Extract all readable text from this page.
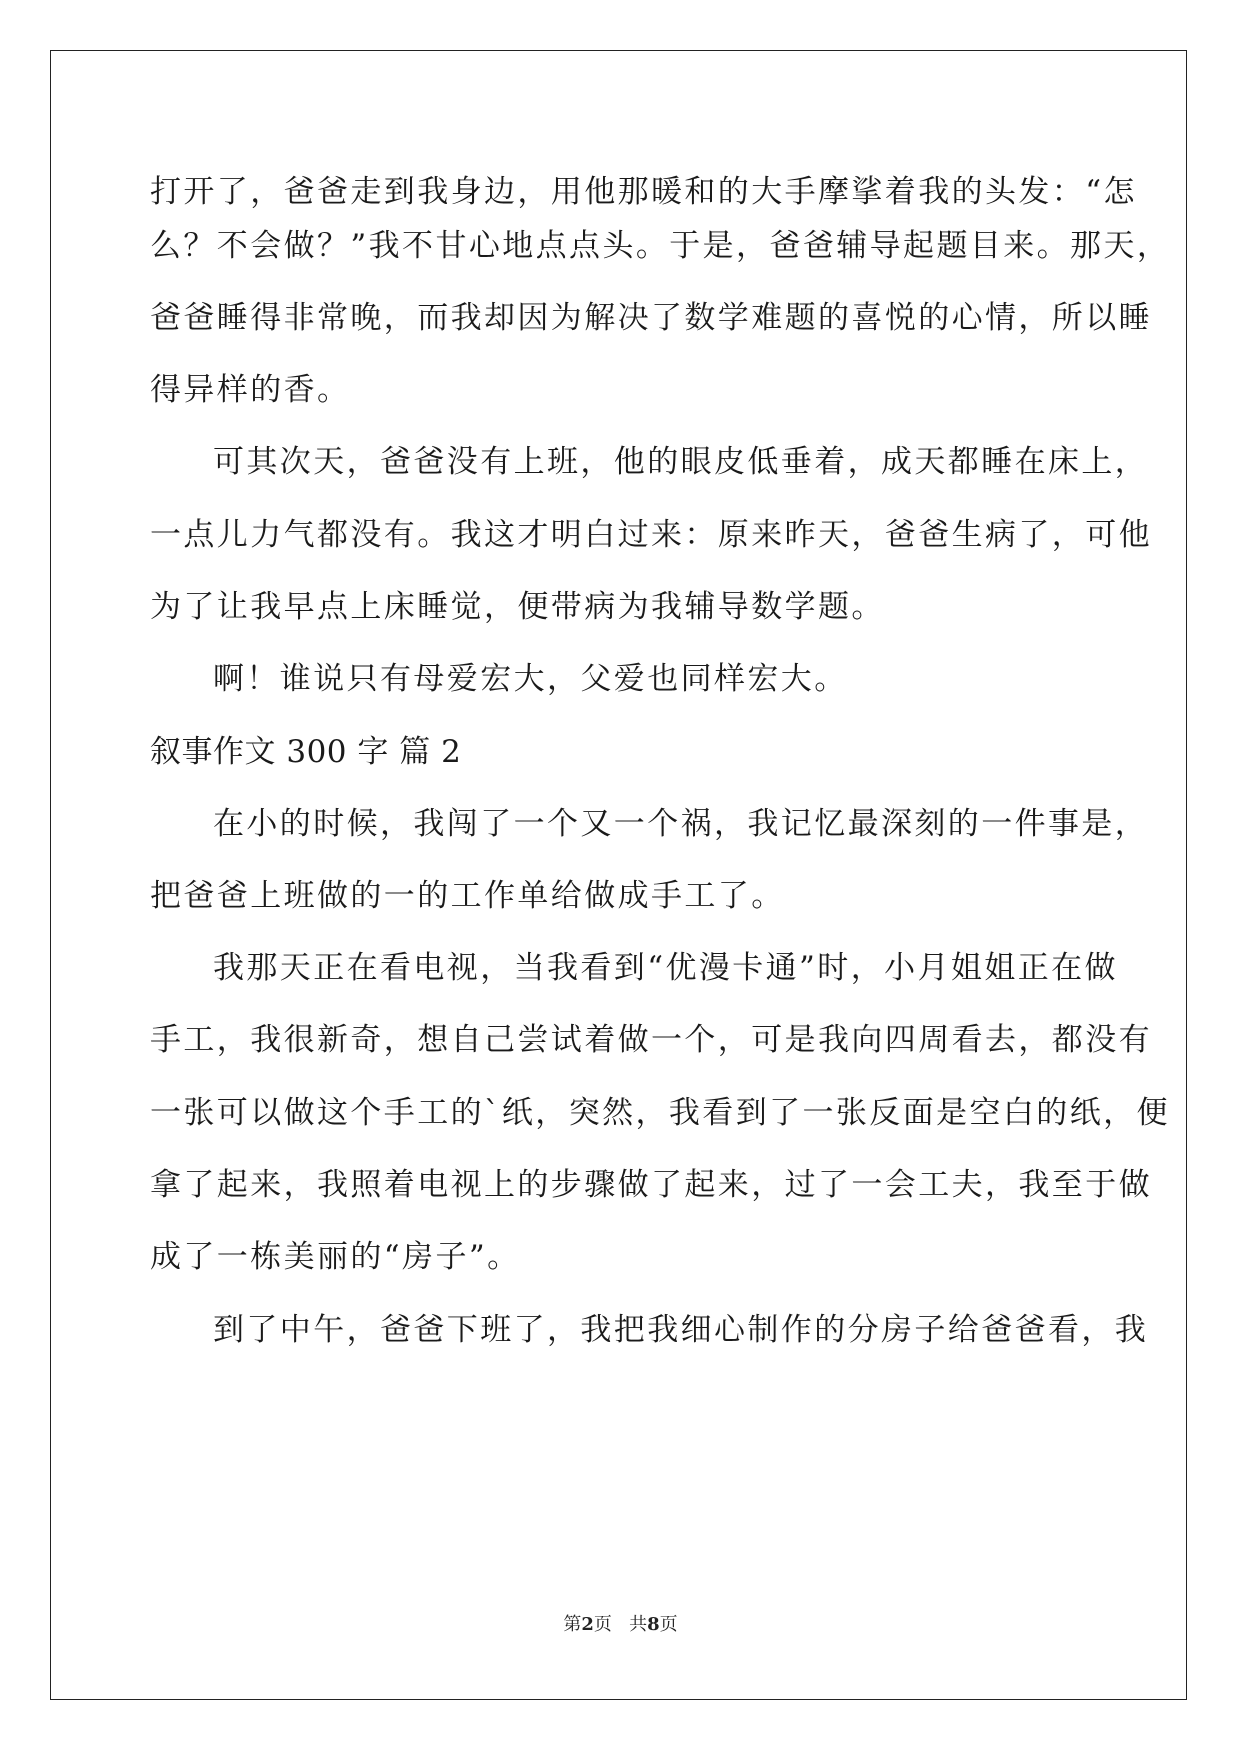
打开了，爸爸走到我身边，用他那暖和的大手摩挲着我的头发：“怎
么？不会做？”我不甘心地点点头。于是，爸爸辅导起题目来。那天，
爸爸睡得非常晚，而我却因为解决了数学难题的喜悦的心情，所以睡
得异样的香。
可其次天，爸爸没有上班，他的眼皮低垂着，成天都睡在床上，
一点儿力气都没有。我这才明白过来：原来昨天，爸爸生病了，可他
为了让我早点上床睡觉，便带病为我辅导数学题。
啊！谁说只有母爱宏大，父爱也同样宏大。
叙事作文 300 字 篇 2
在小的时候，我闯了一个又一个祸，我记忆最深刻的一件事是，
把爸爸上班做的一的工作单给做成手工了。
我那天正在看电视，当我看到“优漫卡通”时，小月姐姐正在做
手工，我很新奇，想自己尝试着做一个，可是我向四周看去，都没有
一张可以做这个手工的`纸，突然，我看到了一张反面是空白的纸，便
拿了起来，我照着电视上的步骤做了起来，过了一会工夫，我至于做
成了一栋美丽的“房子”。
到了中午，爸爸下班了，我把我细心制作的分房子给爸爸看，我
第2页 共8页
